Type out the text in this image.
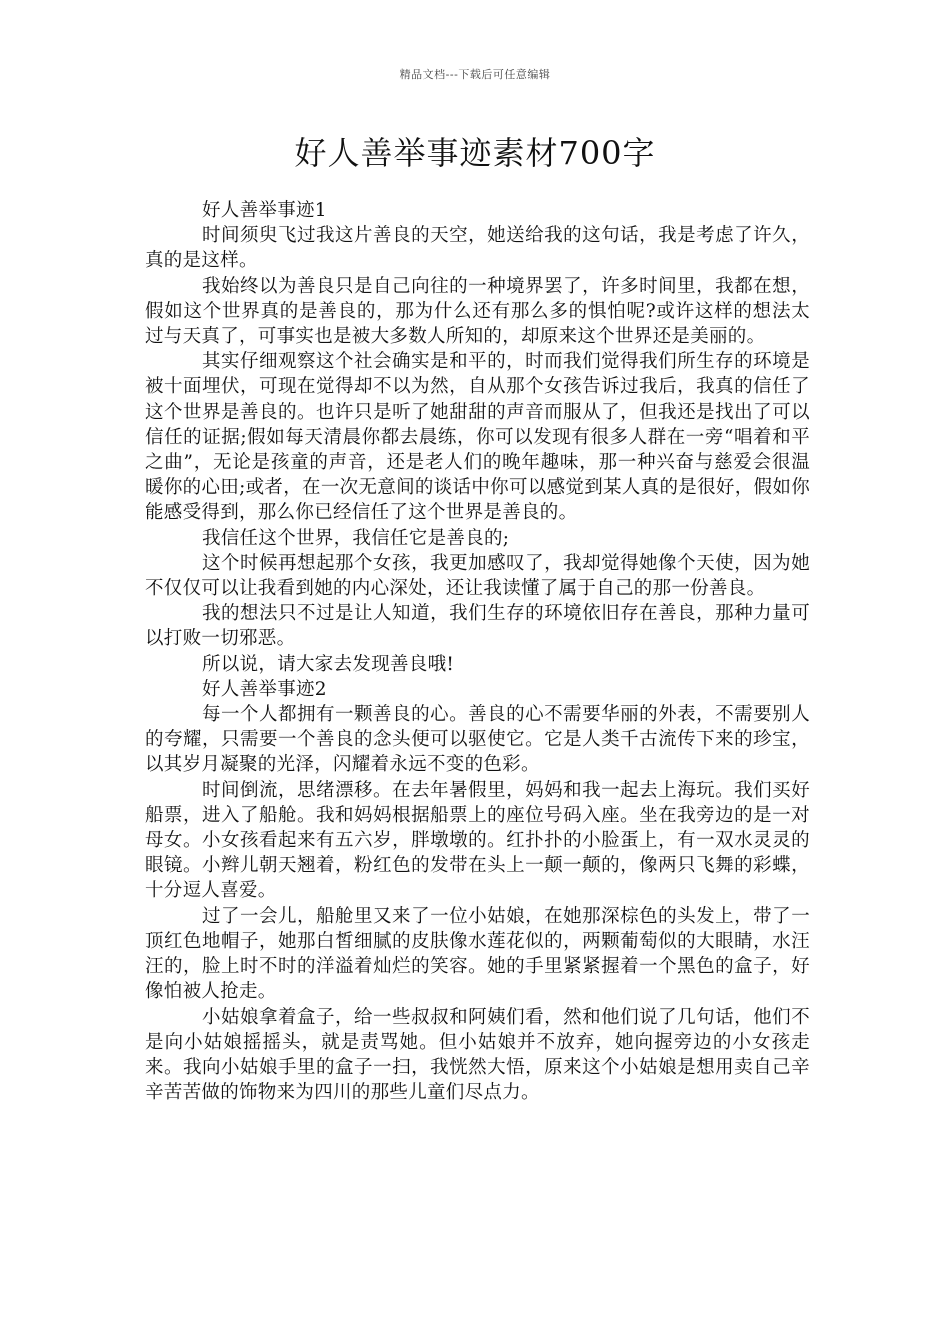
精品文档---下载后可任意编辑
好人善举事迹素材700字

好人善举事迹1

时间须臾飞过我这片善良的天空，她送给我的这句话，我是考虑了许久，真的是这样。

我始终以为善良只是自己向往的一种境界罢了，许多时间里，我都在想，假如这个世界真的是善良的，那为什么还有那么多的惧怕呢?或许这样的想法太过与天真了，可事实也是被大多数人所知的，却原来这个世界还是美丽的。

其实仔细观察这个社会确实是和平的，时而我们觉得我们所生存的环境是被十面埋伏，可现在觉得却不以为然，自从那个女孩告诉过我后，我真的信任了这个世界是善良的。也许只是听了她甜甜的声音而服从了，但我还是找出了可以信任的证据;假如每天清晨你都去晨练，你可以发现有很多人群在一旁“唱着和平之曲”，无论是孩童的声音，还是老人们的晚年趣味，那一种兴奋与慈爱会很温暖你的心田;或者，在一次无意间的谈话中你可以感觉到某人真的是很好，假如你能感受得到，那么你已经信任了这个世界是善良的。

我信任这个世界，我信任它是善良的;

这个时候再想起那个女孩，我更加感叹了，我却觉得她像个天使，因为她不仅仅可以让我看到她的内心深处，还让我读懂了属于自己的那一份善良。

我的想法只不过是让人知道，我们生存的环境依旧存在善良，那种力量可以打败一切邪恶。

所以说，请大家去发现善良哦!

好人善举事迹2

每一个人都拥有一颗善良的心。善良的心不需要华丽的外表，不需要别人的夸耀，只需要一个善良的念头便可以驱使它。它是人类千古流传下来的珍宝，以其岁月凝聚的光泽，闪耀着永远不变的色彩。

时间倒流，思绪漂移。在去年暑假里，妈妈和我一起去上海玩。我们买好船票，进入了船舱。我和妈妈根据船票上的座位号码入座。坐在我旁边的是一对母女。小女孩看起来有五六岁，胖墩墩的。红扑扑的小脸蛋上，有一双水灵灵的眼镜。小辫儿朝天翘着，粉红色的发带在头上一颠一颠的，像两只飞舞的彩蝶，十分逗人喜爱。

过了一会儿，船舱里又来了一位小姑娘，在她那深棕色的头发上，带了一顶红色地帽子，她那白皙细腻的皮肤像水莲花似的，两颗葡萄似的大眼睛，水汪汪的，脸上时不时的洋溢着灿烂的笑容。她的手里紧紧握着一个黑色的盒子，好像怕被人抢走。

小姑娘拿着盒子，给一些叔叔和阿姨们看，然和他们说了几句话，他们不是向小姑娘摇摇头，就是责骂她。但小姑娘并不放弃，她向握旁边的小女孩走来。我向小姑娘手里的盒子一扫，我恍然大悟，原来这个小姑娘是想用卖自己辛辛苦苦做的饰物来为四川的那些儿童们尽点力。
